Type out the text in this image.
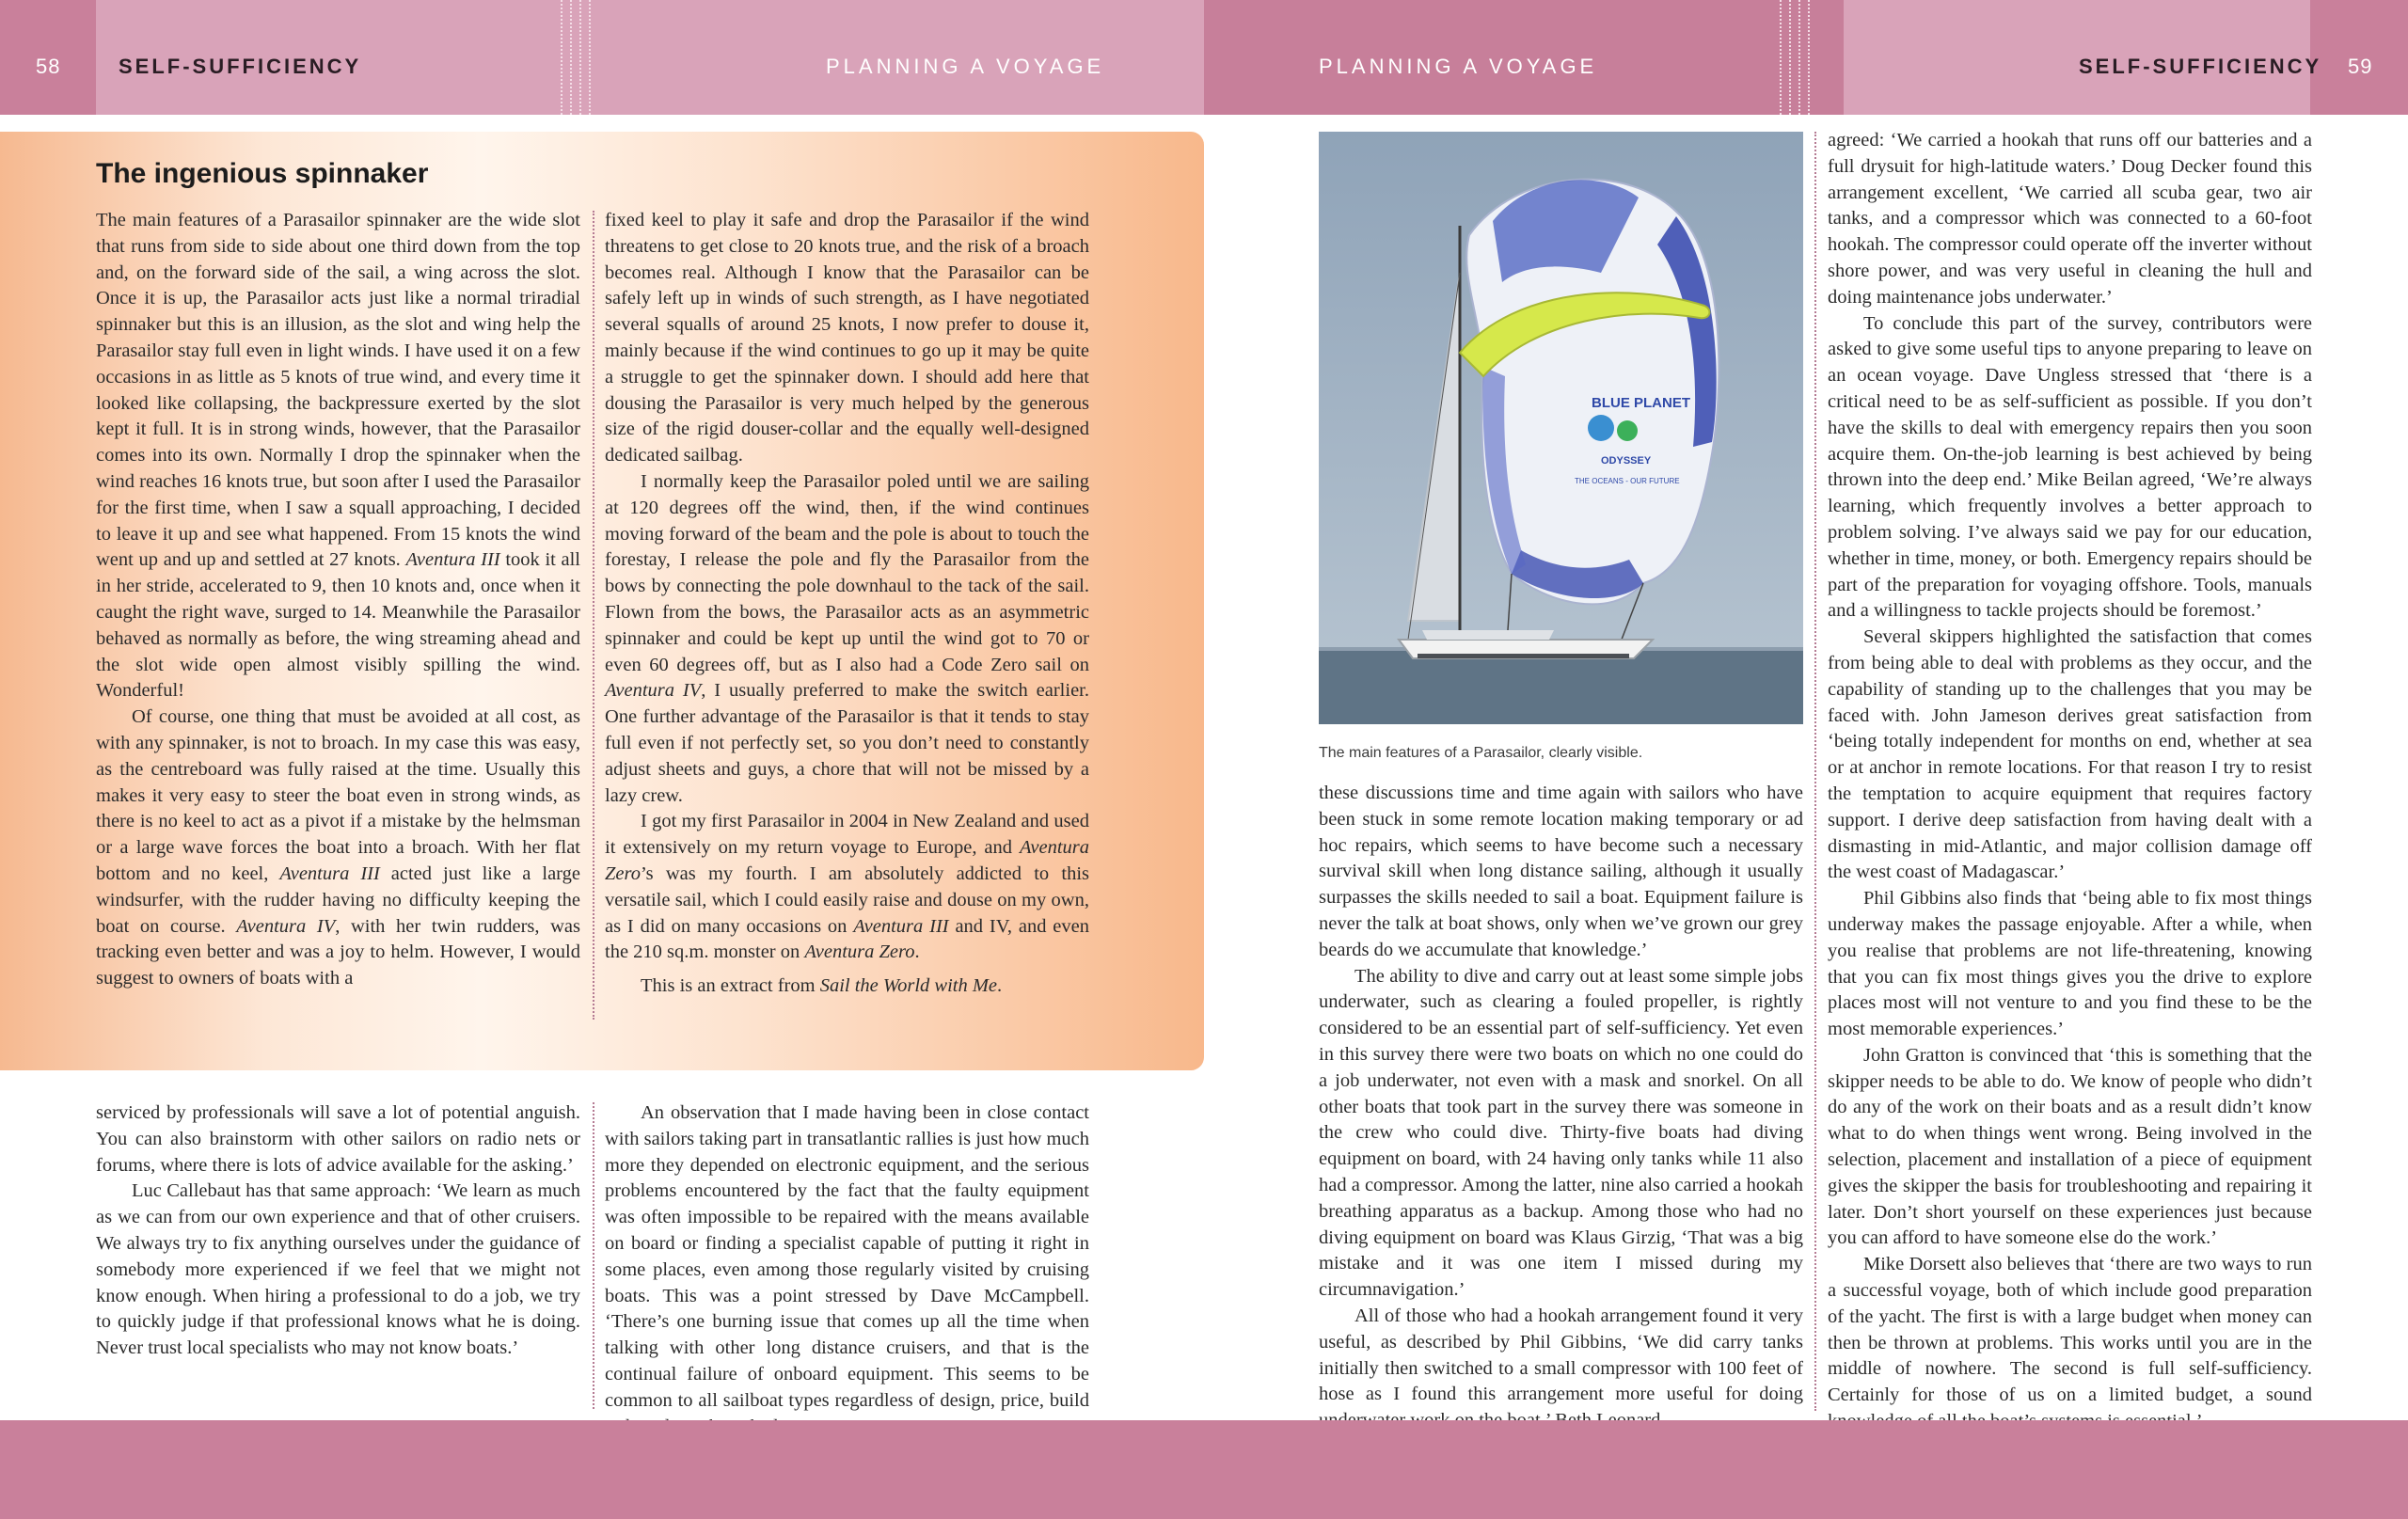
58	59
SELF-SUFFICIENCY	PLANNING A VOYAGE	PLANNING A VOYAGE	SELF-SUFFICIENCY
The ingenious spinnaker

The main features of a Parasailor spinnaker are the wide slot that runs from side to side about one third down from the top and, on the forward side of the sail, a wing across the slot. Once it is up, the Parasailor acts just like a normal triradial spinnaker but this is an illusion, as the slot and wing help the Parasailor stay full even in light winds. I have used it on a few occasions in as little as 5 knots of true wind, and every time it looked like collapsing, the backpressure exerted by the slot kept it full. It is in strong winds, however, that the Parasailor comes into its own. Normally I drop the spinnaker when the wind reaches 16 knots true, but soon after I used the Parasailor for the first time, when I saw a squall approaching, I decided to leave it up and see what happened. From 15 knots the wind went up and up and settled at 27 knots. Aventura III took it all in her stride, accelerated to 9, then 10 knots and, once when it caught the right wave, surged to 14. Meanwhile the Parasailor behaved as normally as before, the wing streaming ahead and the slot wide open almost visibly spilling the wind. Wonderful!

Of course, one thing that must be avoided at all cost, as with any spinnaker, is not to broach. In my case this was easy, as the centreboard was fully raised at the time. Usually this makes it very easy to steer the boat even in strong winds, as there is no keel to act as a pivot if a mistake by the helmsman or a large wave forces the boat into a broach. With her flat bottom and no keel, Aventura III acted just like a large windsurfer, with the rudder having no difficulty keeping the boat on course. Aventura IV, with her twin rudders, was tracking even better and was a joy to helm. However, I would suggest to owners of boats with a

fixed keel to play it safe and drop the Parasailor if the wind threatens to get close to 20 knots true, and the risk of a broach becomes real. Although I know that the Parasailor can be safely left up in winds of such strength, as I have negotiated several squalls of around 25 knots, I now prefer to douse it, mainly because if the wind continues to go up it may be quite a struggle to get the spinnaker down. I should add here that dousing the Parasailor is very much helped by the generous size of the rigid douser-collar and the equally well-designed dedicated sailbag.

I normally keep the Parasailor poled until we are sailing at 120 degrees off the wind, then, if the wind continues moving forward of the beam and the pole is about to touch the forestay, I release the pole and fly the Parasailor from the bows by connecting the pole downhaul to the tack of the sail. Flown from the bows, the Parasailor acts as an asymmetric spinnaker and could be kept up until the wind got to 70 or even 60 degrees off, but as I also had a Code Zero sail on Aventura IV, I usually preferred to make the switch earlier. One further advantage of the Parasailor is that it tends to stay full even if not perfectly set, so you don’t need to constantly adjust sheets and guys, a chore that will not be missed by a lazy crew.

I got my first Parasailor in 2004 in New Zealand and used it extensively on my return voyage to Europe, and Aventura Zero’s was my fourth. I am absolutely addicted to this versatile sail, which I could easily raise and douse on my own, as I did on many occasions on Aventura III and IV, and even the 210 sq.m. monster on Aventura Zero.

This is an extract from Sail the World with Me.

serviced by professionals will save a lot of potential anguish. You can also brainstorm with other sailors on radio nets or forums, where there is lots of advice available for the asking.’

Luc Callebaut has that same approach: ‘We learn as much as we can from our own experience and that of other cruisers. We always try to fix anything ourselves under the guidance of somebody more experienced if we feel that we might not know enough. When hiring a professional to do a job, we try to quickly judge if that professional knows what he is doing. Never trust local specialists who may not know boats.’

An observation that I made having been in close contact with sailors taking part in transatlantic rallies is just how much more they depended on electronic equipment, and the serious problems encountered by the fact that the faulty equipment was often impossible to be repaired with the means available on board or finding a specialist capable of putting it right in some places, even among those regularly visited by cruising boats. This was a point stressed by Dave McCampbell. ‘There’s one burning issue that comes up all the time when talking with other long distance cruisers, and that is the continual failure of onboard equipment. This seems to be common to all sailboat types regardless of design, price, build

BLUE PLANET
ODYSSEY
THE OCEANS - OUR FUTURE
The main features of a Parasailor, clearly visible.

these discussions time and time again with sailors who have been stuck in some remote location making temporary or ad hoc repairs, which seems to have become such a necessary survival skill when long distance sailing, although it usually surpasses the skills needed to sail a boat. Equipment failure is never the talk at boat shows, only when we’ve grown our grey beards do we accumulate that knowledge.’

The ability to dive and carry out at least some simple jobs underwater, such as clearing a fouled propeller, is rightly considered to be an essential part of self-sufficiency. Yet even in this survey there were two boats on which no one could do a job underwater, not even with a mask and snorkel. On all other boats that took part in the survey there was someone in the crew who could dive. Thirty-five boats had diving equipment on board, with 24 having only tanks while 11 also had a compressor. Among the latter, nine also carried a hookah breathing apparatus as a backup. Among those who had no diving equipment on board was Klaus Girzig, ‘That was a big mistake and it was one item I missed during my circumnavigation.’

All of those who had a hookah arrangement found it very useful, as described by Phil Gibbins, ‘We did carry tanks initially then switched to a small compressor with 100 feet of hose as I found this arrangement more useful for doing

agreed: ‘We carried a hookah that runs off our batteries and a full drysuit for high-latitude waters.’ Doug Decker found this arrangement excellent, ‘We carried all scuba gear, two air tanks, and a compressor which was connected to a 60-foot hookah. The compressor could operate off the inverter without shore power, and was very useful in cleaning the hull and doing maintenance jobs underwater.’

To conclude this part of the survey, contributors were asked to give some useful tips to anyone preparing to leave on an ocean voyage. Dave Ungless stressed that ‘there is a critical need to be as self-sufficient as possible. If you don’t have the skills to deal with emergency repairs then you soon acquire them. On-the-job learning is best achieved by being thrown into the deep end.’ Mike Beilan agreed, ‘We’re always learning, which frequently involves a better approach to problem solving. I’ve always said we pay for our education, whether in time, money, or both. Emergency repairs should be part of the preparation for voyaging offshore. Tools, manuals and a willingness to tackle projects should be foremost.’

Several skippers highlighted the satisfaction that comes from being able to deal with problems as they occur, and the capability of standing up to the challenges that you may be faced with. John Jameson derives great satisfaction from ‘being totally independent for months on end, whether at sea or at anchor in remote locations. For that reason I try to resist the temptation to acquire equipment that requires factory support. I derive deep satisfaction from having dealt with a dismasting in mid-Atlantic, and major collision damage off the west coast of Madagascar.’

Phil Gibbins also finds that ‘being able to fix most things underway makes the passage enjoyable. After a while, when you realise that problems are not life-threatening, knowing that you can fix most things gives you the drive to explore places most will not venture to and you find these to be the most memorable experiences.’

John Gratton is convinced that ‘this is something that the skipper needs to be able to do. We know of people who didn’t do any of the work on their boats and as a result didn’t know what to do when things went wrong. Being involved in the selection, placement and installation of a piece of equipment gives the skipper the basis for troubleshooting and repairing it later. Don’t short yourself on these experiences just because you can afford to have someone else do the work.’

Mike Dorsett also believes that ‘there are two ways to run a successful voyage, both of which include good preparation of the yacht. The first is with a large budget when money can then be thrown at problems. This works until you are in the middle of nowhere. The second is full self-sufficiency. Certainly for those of us on a limited budget, a sound
